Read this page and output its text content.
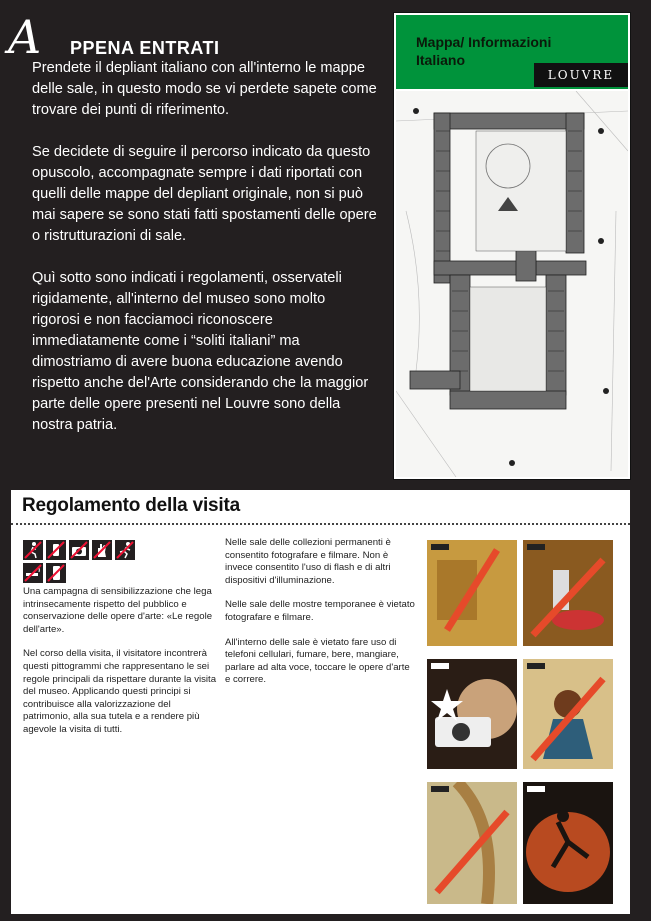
A PPENA ENTRATI

Prendete il depliant italiano con all'interno le mappe delle sale, in questo modo se vi perdete sapete come trovare dei punti di riferimento.

Se decidete di seguire il percorso indicato da questo opuscolo, accompagnate sempre i dati riportati con quelli delle mappe del depliant originale, non si può mai sapere se sono stati fatti spostamenti delle opere o ristrutturazioni di sale.

Quì sotto sono indicati i regolamenti, osservateli rigidamente, all'interno del museo sono molto rigorosi e non facciamoci riconoscere immediatamente come i “soliti italiani” ma dimostriamo di avere buona educazione avendo rispetto anche del'Arte considerando che la maggior parte delle opere presenti nel Louvre sono della nostra patria.

Mappa/ Informazioni
Italiano
LOUVRE
Regolamento della visita

Una campagna di sensibilizzazione che lega intrinsecamente rispetto del pubblico e conservazione delle opere d'arte: «Le regole dell'arte».

Nel corso della visita, il visitatore incontrerà questi pittogrammi che rappresentano le sei regole principali da rispettare durante la visita del museo. Applicando questi principi si contribuisce alla valorizzazione del patrimonio, alla sua tutela e a rendere più agevole la visita di tutti.

Nelle sale delle collezioni permanenti è consentito fotografare e filmare. Non è invece consentito l'uso di flash e di altri dispositivi d'illuminazione.

Nelle sale delle mostre temporanee è vietato fotografare e filmare.

All'interno delle sale è vietato fare uso di telefoni cellulari, fumare, bere, mangiare, parlare ad alta voce, toccare le opere d'arte e correre.
